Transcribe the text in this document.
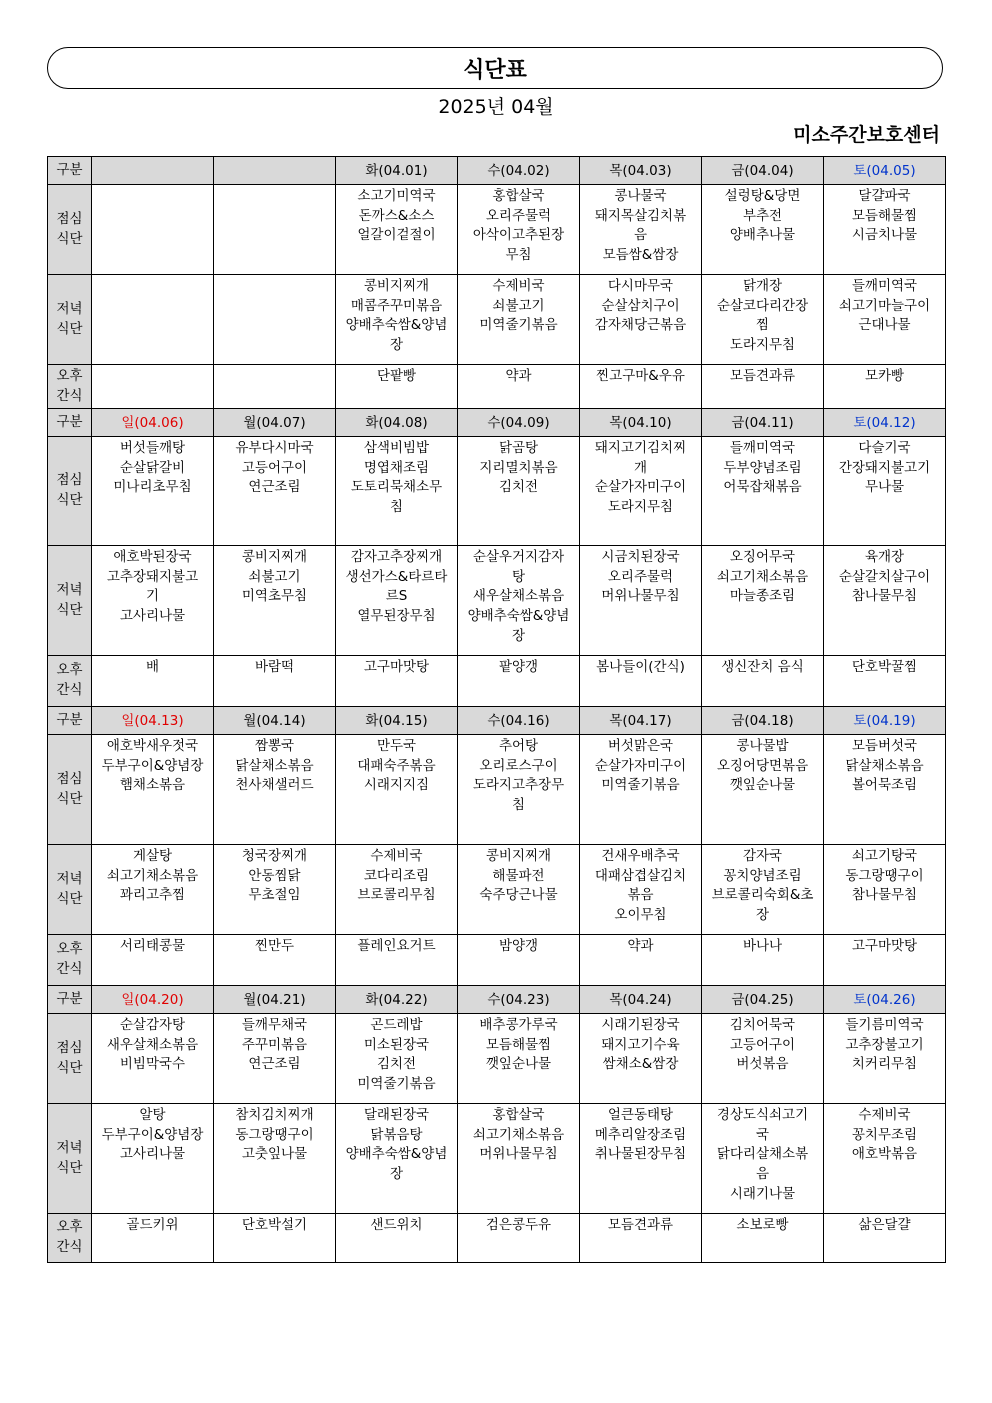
식단표
2025년 04월
미소주간보호센터
구분			화(04.01)	수(04.02)	목(04.03)	금(04.04)	토(04.05)

점심
식단			소고기미역국
돈까스&소스
얼갈이겉절이	홍합살국
오리주물럭
아삭이고추된장
무침	콩나물국
돼지목살김치볶
음
모듬쌈&쌈장	설렁탕&당면
부추전
양배추나물	달걀파국
모듬해물찜
시금치나물

저녁
식단			콩비지찌개
매콤주꾸미볶음
양배추숙쌈&양념
장	수제비국
쇠불고기
미역줄기볶음	다시마무국
순살삼치구이
감자채당근볶음	닭개장
순살코다리간장
찜
도라지무침	들깨미역국
쇠고기마늘구이
근대나물

오후
간식			단팥빵	약과	찐고구마&우유	모듬견과류	모카빵

구분	일(04.06)	월(04.07)	화(04.08)	수(04.09)	목(04.10)	금(04.11)	토(04.12)

점심
식단	버섯들깨탕
순살닭갈비
미나리초무침	유부다시마국
고등어구이
연근조림	삼색비빔밥
명엽채조림
도토리묵채소무
침	닭곰탕
지리멸치볶음
김치전	돼지고기김치찌
개
순살가자미구이
도라지무침	들깨미역국
두부양념조림
어묵잡채볶음	다슬기국
간장돼지불고기
무나물

저녁
식단	애호박된장국
고추장돼지불고
기
고사리나물	콩비지찌개
쇠불고기
미역초무침	감자고추장찌개
생선가스&타르타
르S
열무된장무침	순살우거지감자
탕
새우살채소볶음
양배추숙쌈&양념
장	시금치된장국
오리주물럭
머위나물무침	오징어무국
쇠고기채소볶음
마늘종조림	육개장
순살갈치살구이
참나물무침

오후
간식	배	바람떡	고구마맛탕	팥양갱	봄나들이(간식)	생신잔치 음식	단호박꿀찜

구분	일(04.13)	월(04.14)	화(04.15)	수(04.16)	목(04.17)	금(04.18)	토(04.19)

점심
식단	애호박새우젓국
두부구이&양념장
햄채소볶음	짬뽕국
닭살채소볶음
천사채샐러드	만두국
대패숙주볶음
시래지지짐	추어탕
오리로스구이
도라지고추장무
침	버섯맑은국
순살가자미구이
미역줄기볶음	콩나물밥
오징어당면볶음
깻잎순나물	모듬버섯국
닭살채소볶음
볼어묵조림

저녁
식단	게살탕
쇠고기채소볶음
꽈리고추찜	청국장찌개
안동찜닭
무초절임	수제비국
코다리조림
브로콜리무침	콩비지찌개
해물파전
숙주당근나물	건새우배추국
대패삼겹살김치
볶음
오이무침	감자국
꽁치양념조림
브로콜리숙회&초
장	쇠고기탕국
동그랑땡구이
참나물무침

오후
간식	서리태콩물	찐만두	플레인요거트	밤양갱	약과	바나나	고구마맛탕

구분	일(04.20)	월(04.21)	화(04.22)	수(04.23)	목(04.24)	금(04.25)	토(04.26)

점심
식단	순살감자탕
새우살채소볶음
비빔막국수	들깨무채국
주꾸미볶음
연근조림	곤드레밥
미소된장국
김치전
미역줄기볶음	배추콩가루국
모듬해물찜
깻잎순나물	시래기된장국
돼지고기수육
쌈채소&쌈장	김치어묵국
고등어구이
버섯볶음	들기름미역국
고추장불고기
치커리무침

저녁
식단	알탕
두부구이&양념장
고사리나물	참치김치찌개
동그랑땡구이
고춧잎나물	달래된장국
닭볶음탕
양배추숙쌈&양념
장	홍합살국
쇠고기채소볶음
머위나물무침	얼큰동태탕
메추리알장조림
취나물된장무침	경상도식쇠고기
국
닭다리살채소볶
음
시래기나물	수제비국
꽁치무조림
애호박볶음

오후
간식	골드키위	단호박설기	샌드위치	검은콩두유	모듬견과류	소보로빵	삶은달걀
